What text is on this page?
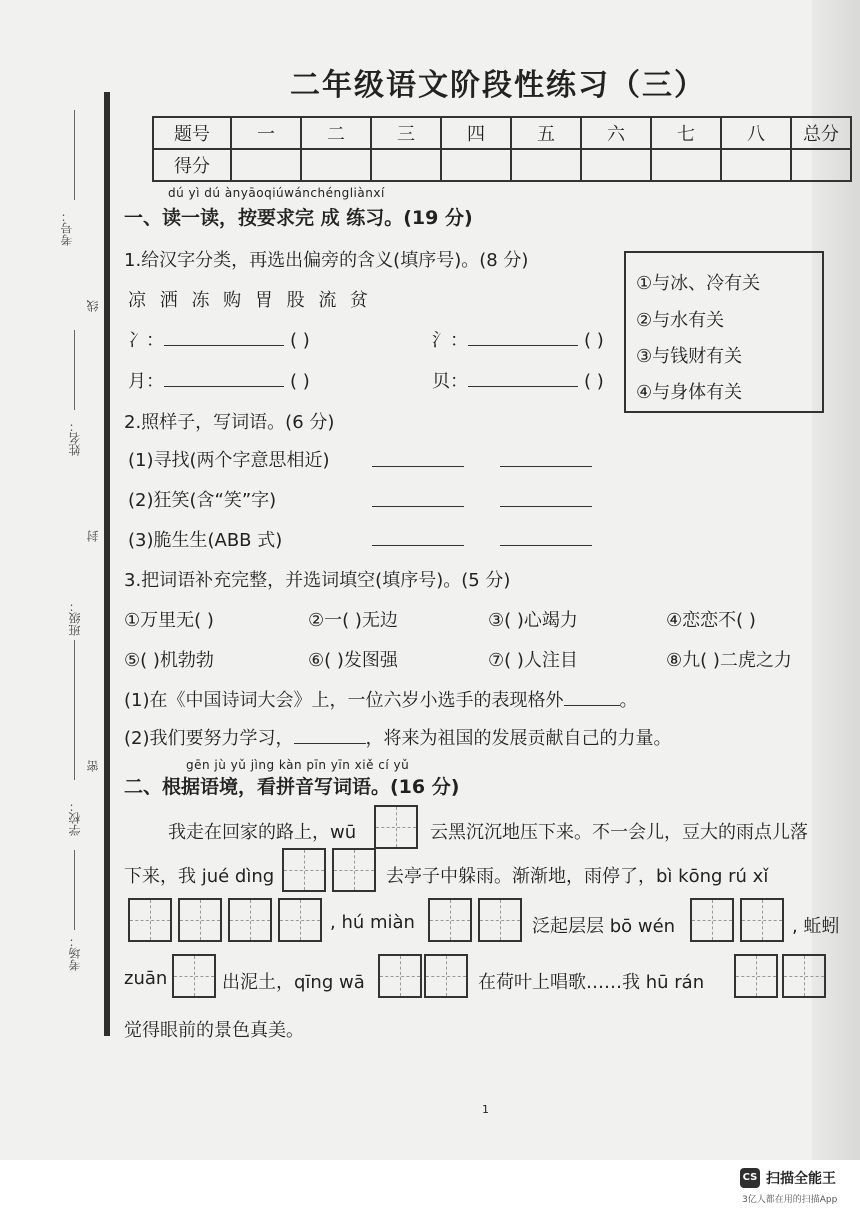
考号：
线
姓名：
封
班级：
密
学校：
考场：
二年级语文阶段性练习（三）
题号	一	二	三	四	五	六	七	八	总分
得分									
dú yì dú ànyāoqiúwánchéngliànxí
一、读一读，按要求完 成 练习。(19 分)
1.给汉字分类，再选出偏旁的含义(填序号)。(8 分)
凉 洒 冻 购 胃 股 流 贫
冫：	( )	氵：	( )
月：	( )	贝：	( )
①与冰、冷有关
②与水有关
③与钱财有关
④与身体有关
2.照样子，写词语。(6 分)
(1)寻找(两个字意思相近)
(2)狂笑(含“笑”字)
(3)脆生生(ABB 式)
3.把词语补充完整，并选词填空(填序号)。(5 分)
①万里无( )	②一( )无边	③( )心竭力	④恋恋不( )
⑤( )机勃勃	⑥( )发图强	⑦( )人注目	⑧九( )二虎之力
(1)在《中国诗词大会》上，一位六岁小选手的表现格外	。
(2)我们要努力学习，	，将来为祖国的发展贡献自己的力量。
gēn jù yǔ jìng kàn pīn yīn xiě cí yǔ
二、根据语境，看拼音写词语。(16 分)
我走在回家的路上，wū	云黑沉沉地压下来。不一会儿，豆大的雨点儿落
下来，我 jué dìng	去亭子中躲雨。渐渐地，雨停了，bì kōng rú xǐ
, hú miàn	泛起层层 bō wén	, 蚯蚓
zuān	出泥土，qīng wā	在荷叶上唱歌……我 hū rán
觉得眼前的景色真美。
1
CS 扫描全能王
3亿人都在用的扫描App
